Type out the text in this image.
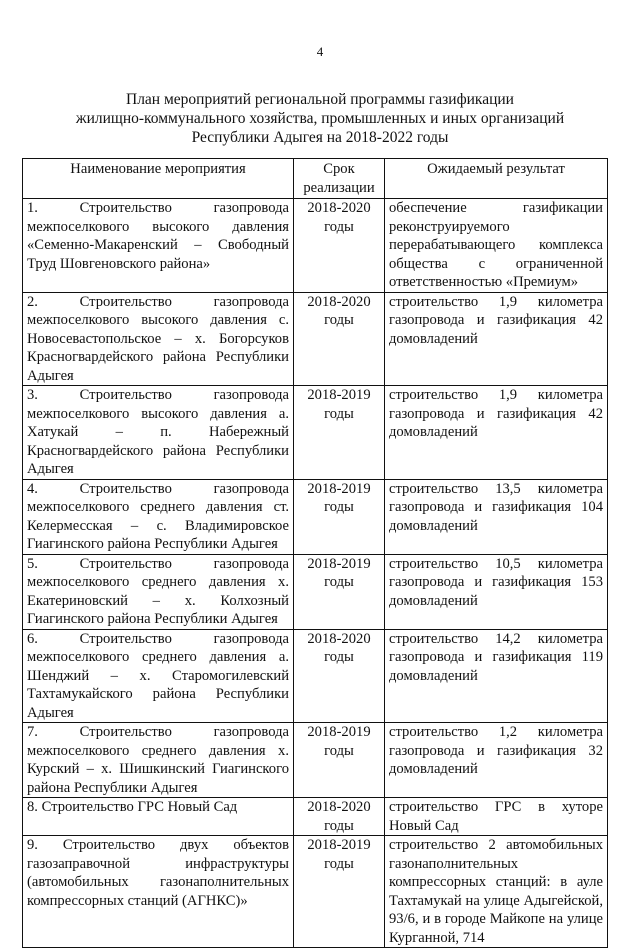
4
План мероприятий региональной программы газификации
жилищно-коммунального хозяйства, промышленных и иных организаций
Республики Адыгея на 2018-2022 годы
Наименование мероприятия	Срок реализации	Ожидаемый результат
1. Строительство газопровода межпоселкового высокого давления «Семенно-Макаренский – Свободный Труд Шовгеновского района»	2018-2020 годы	обеспечение газификации реконструируемого перерабатывающего комплекса общества с ограниченной ответственностью «Премиум»
2. Строительство газопровода межпоселкового высокого давления с. Новосевастопольское – х. Богорсуков Красногвардейского района Республики Адыгея	2018-2020 годы	строительство 1,9 километра газопровода и газификация 42 домовладений
3. Строительство газопровода межпоселкового высокого давления а. Хатукай – п. Набережный Красногвардейского района Республики Адыгея	2018-2019 годы	строительство 1,9 километра газопровода и газификация 42 домовладений
4. Строительство газопровода межпоселкового среднего давления ст. Келермесская – с. Владимировское Гиагинского района Республики Адыгея	2018-2019 годы	строительство 13,5 километра газопровода и газификация 104 домовладений
5. Строительство газопровода межпоселкового среднего давления х. Екатериновский – х. Колхозный Гиагинского района Республики Адыгея	2018-2019 годы	строительство 10,5 километра газопровода и газификация 153 домовладений
6. Строительство газопровода межпоселкового среднего давления а. Шенджий – х. Старомогилевский Тахтамукайского района Республики Адыгея	2018-2020 годы	строительство 14,2 километра газопровода и газификация 119 домовладений
7. Строительство газопровода межпоселкового среднего давления х. Курский – х. Шишкинский Гиагинского района Республики Адыгея	2018-2019 годы	строительство 1,2 километра газопровода и газификация 32 домовладений
8. Строительство ГРС Новый Сад	2018-2020 годы	строительство ГРС в хуторе Новый Сад
9. Строительство двух объектов газозаправочной инфраструктуры (автомобильных газонаполнительных компрессорных станций (АГНКС)»	2018-2019 годы	строительство 2 автомобильных газонаполнительных компрессорных станций: в ауле Тахтамукай на улице Адыгейской, 93/6, и в городе Майкопе на улице Курганной, 714
